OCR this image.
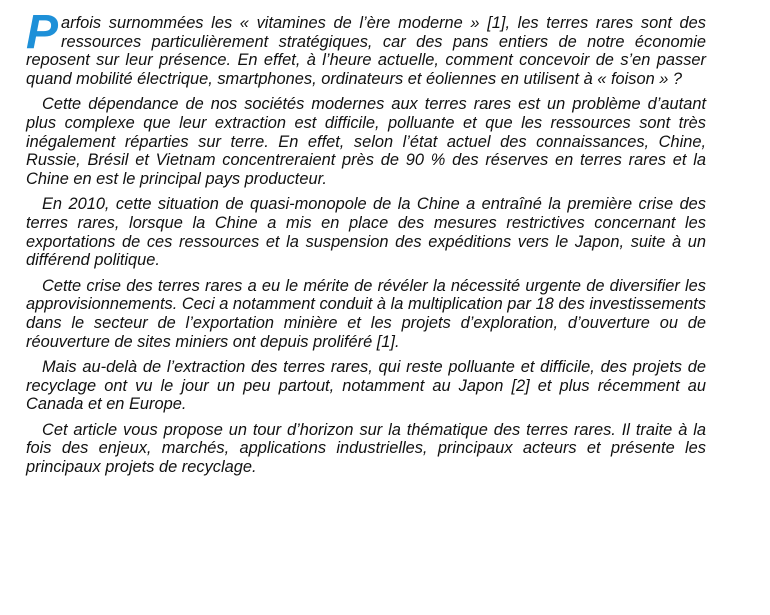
Parfois surnommées les « vitamines de l’ère moderne » [1], les terres rares sont des ressources particulièrement stratégiques, car des pans entiers de notre économie reposent sur leur présence. En effet, à l’heure actuelle, comment concevoir de s’en passer quand mobilité électrique, smartphones, ordinateurs et éoliennes en utilisent à « foison » ?

Cette dépendance de nos sociétés modernes aux terres rares est un problème d’autant plus complexe que leur extraction est difficile, polluante et que les ressources sont très inégalement réparties sur terre. En effet, selon l’état actuel des connaissances, Chine, Russie, Brésil et Vietnam concentreraient près de 90 % des réserves en terres rares et la Chine en est le principal pays producteur.

En 2010, cette situation de quasi-monopole de la Chine a entraîné la première crise des terres rares, lorsque la Chine a mis en place des mesures restrictives concernant les exportations de ces ressources et la suspension des expéditions vers le Japon, suite à un différend politique.

Cette crise des terres rares a eu le mérite de révéler la nécessité urgente de diversifier les approvisionnements. Ceci a notamment conduit à la multiplication par 18 des investissements dans le secteur de l’exportation minière et les projets d’exploration, d’ouverture ou de réouverture de sites miniers ont depuis proliféré [1].

Mais au-delà de l’extraction des terres rares, qui reste polluante et difficile, des projets de recyclage ont vu le jour un peu partout, notamment au Japon [2] et plus récemment au Canada et en Europe.

Cet article vous propose un tour d’horizon sur la thématique des terres rares. Il traite à la fois des enjeux, marchés, applications industrielles, principaux acteurs et présente les principaux projets de recyclage.
